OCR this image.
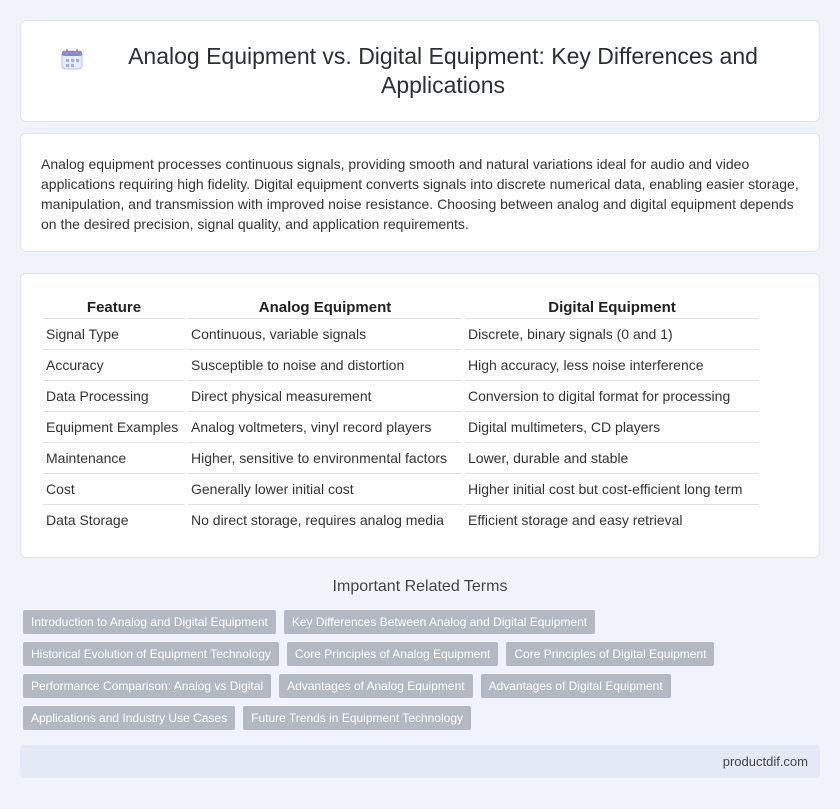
Analog Equipment vs. Digital Equipment: Key Differences and Applications

Analog equipment processes continuous signals, providing smooth and natural variations ideal for audio and video applications requiring high fidelity. Digital equipment converts signals into discrete numerical data, enabling easier storage, manipulation, and transmission with improved noise resistance. Choosing between analog and digital equipment depends on the desired precision, signal quality, and application requirements.

Feature	Analog Equipment	Digital Equipment
Signal Type	Continuous, variable signals	Discrete, binary signals (0 and 1)
Accuracy	Susceptible to noise and distortion	High accuracy, less noise interference
Data Processing	Direct physical measurement	Conversion to digital format for processing
Equipment Examples	Analog voltmeters, vinyl record players	Digital multimeters, CD players
Maintenance	Higher, sensitive to environmental factors	Lower, durable and stable
Cost	Generally lower initial cost	Higher initial cost but cost-efficient long term
Data Storage	No direct storage, requires analog media	Efficient storage and easy retrieval
Important Related Terms
Introduction to Analog and Digital Equipment	Key Differences Between Analog and Digital Equipment
Historical Evolution of Equipment Technology	Core Principles of Analog Equipment	Core Principles of Digital Equipment
Performance Comparison: Analog vs Digital	Advantages of Analog Equipment	Advantages of Digital Equipment
Applications and Industry Use Cases	Future Trends in Equipment Technology
productdif.com
